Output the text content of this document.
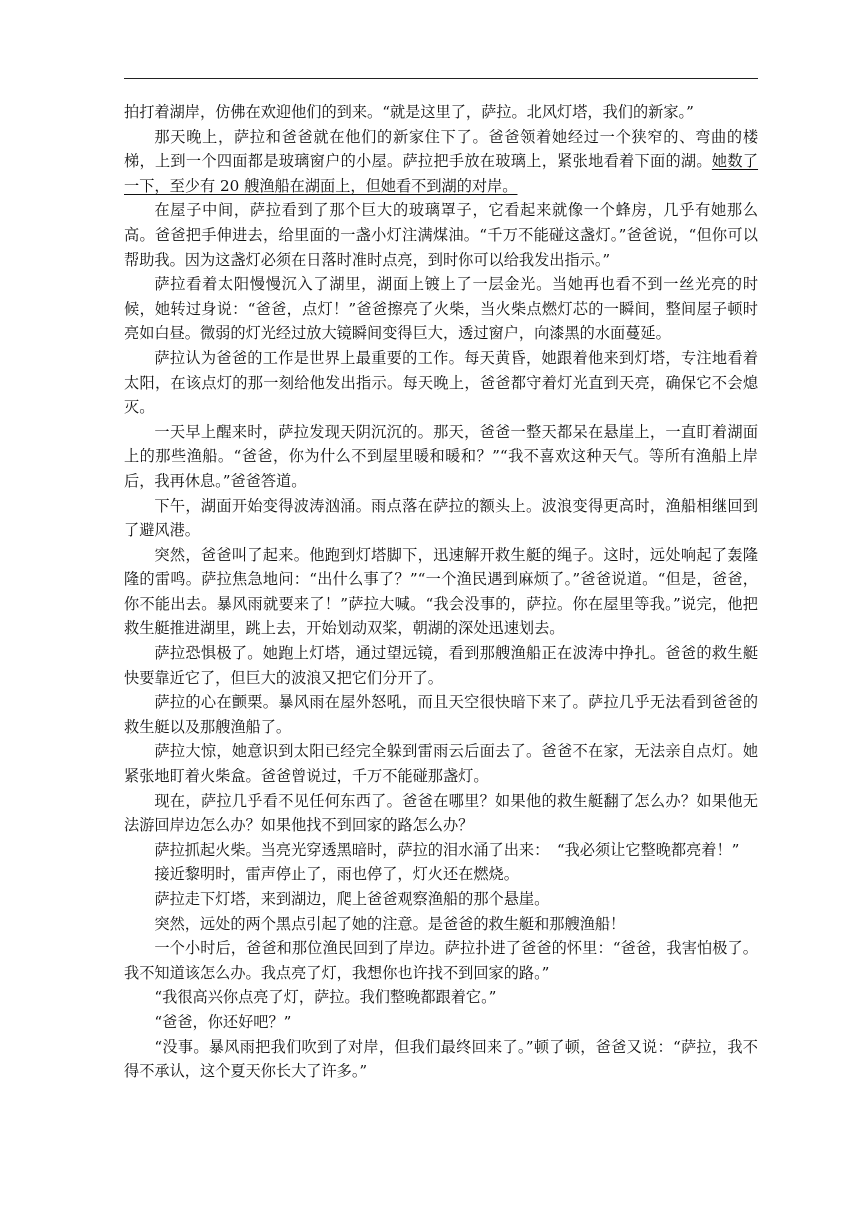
拍打着湖岸，仿佛在欢迎他们的到来。“就是这里了，萨拉。北风灯塔，我们的新家。”

那天晚上，萨拉和爸爸就在他们的新家住下了。爸爸领着她经过一个狭窄的、弯曲的楼梯，上到一个四面都是玻璃窗户的小屋。萨拉把手放在玻璃上，紧张地看着下面的湖。她数了一下，至少有 20 艘渔船在湖面上，但她看不到湖的对岸。

在屋子中间，萨拉看到了那个巨大的玻璃罩子，它看起来就像一个蜂房，几乎有她那么高。爸爸把手伸进去，给里面的一盏小灯注满煤油。“千万不能碰这盏灯。”爸爸说，“但你可以帮助我。因为这盏灯必须在日落时准时点亮，到时你可以给我发出指示。”

萨拉看着太阳慢慢沉入了湖里，湖面上镀上了一层金光。当她再也看不到一丝光亮的时候，她转过身说：“爸爸，点灯！”爸爸擦亮了火柴，当火柴点燃灯芯的一瞬间，整间屋子顿时亮如白昼。微弱的灯光经过放大镜瞬间变得巨大，透过窗户，向漆黑的水面蔓延。

萨拉认为爸爸的工作是世界上最重要的工作。每天黄昏，她跟着他来到灯塔，专注地看着太阳，在该点灯的那一刻给他发出指示。每天晚上，爸爸都守着灯光直到天亮，确保它不会熄灭。

一天早上醒来时，萨拉发现天阴沉沉的。那天，爸爸一整天都呆在悬崖上，一直盯着湖面上的那些渔船。“爸爸，你为什么不到屋里暖和暖和？”“我不喜欢这种天气。等所有渔船上岸后，我再休息。”爸爸答道。

下午，湖面开始变得波涛汹涌。雨点落在萨拉的额头上。波浪变得更高时，渔船相继回到了避风港。

突然，爸爸叫了起来。他跑到灯塔脚下，迅速解开救生艇的绳子。这时，远处响起了轰隆隆的雷鸣。萨拉焦急地问：“出什么事了？”“一个渔民遇到麻烦了。”爸爸说道。“但是，爸爸，你不能出去。暴风雨就要来了！”萨拉大喊。“我会没事的，萨拉。你在屋里等我。”说完，他把救生艇推进湖里，跳上去，开始划动双桨，朝湖的深处迅速划去。

萨拉恐惧极了。她跑上灯塔，通过望远镜，看到那艘渔船正在波涛中挣扎。爸爸的救生艇快要靠近它了，但巨大的波浪又把它们分开了。

萨拉的心在颤栗。暴风雨在屋外怒吼，而且天空很快暗下来了。萨拉几乎无法看到爸爸的救生艇以及那艘渔船了。

萨拉大惊，她意识到太阳已经完全躲到雷雨云后面去了。爸爸不在家，无法亲自点灯。她紧张地盯着火柴盒。爸爸曾说过，千万不能碰那盏灯。

现在，萨拉几乎看不见任何东西了。爸爸在哪里？如果他的救生艇翻了怎么办？如果他无法游回岸边怎么办？如果他找不到回家的路怎么办？

萨拉抓起火柴。当亮光穿透黑暗时，萨拉的泪水涌了出来：　“我必须让它整晚都亮着！”

接近黎明时，雷声停止了，雨也停了，灯火还在燃烧。

萨拉走下灯塔，来到湖边，爬上爸爸观察渔船的那个悬崖。

突然，远处的两个黑点引起了她的注意。是爸爸的救生艇和那艘渔船！

一个小时后，爸爸和那位渔民回到了岸边。萨拉扑进了爸爸的怀里：“爸爸，我害怕极了。我不知道该怎么办。我点亮了灯，我想你也许找不到回家的路。”

“我很高兴你点亮了灯，萨拉。我们整晚都跟着它。”

“爸爸，你还好吧？”

“没事。暴风雨把我们吹到了对岸，但我们最终回来了。”顿了顿，爸爸又说：“萨拉，我不得不承认，这个夏天你长大了许多。”
